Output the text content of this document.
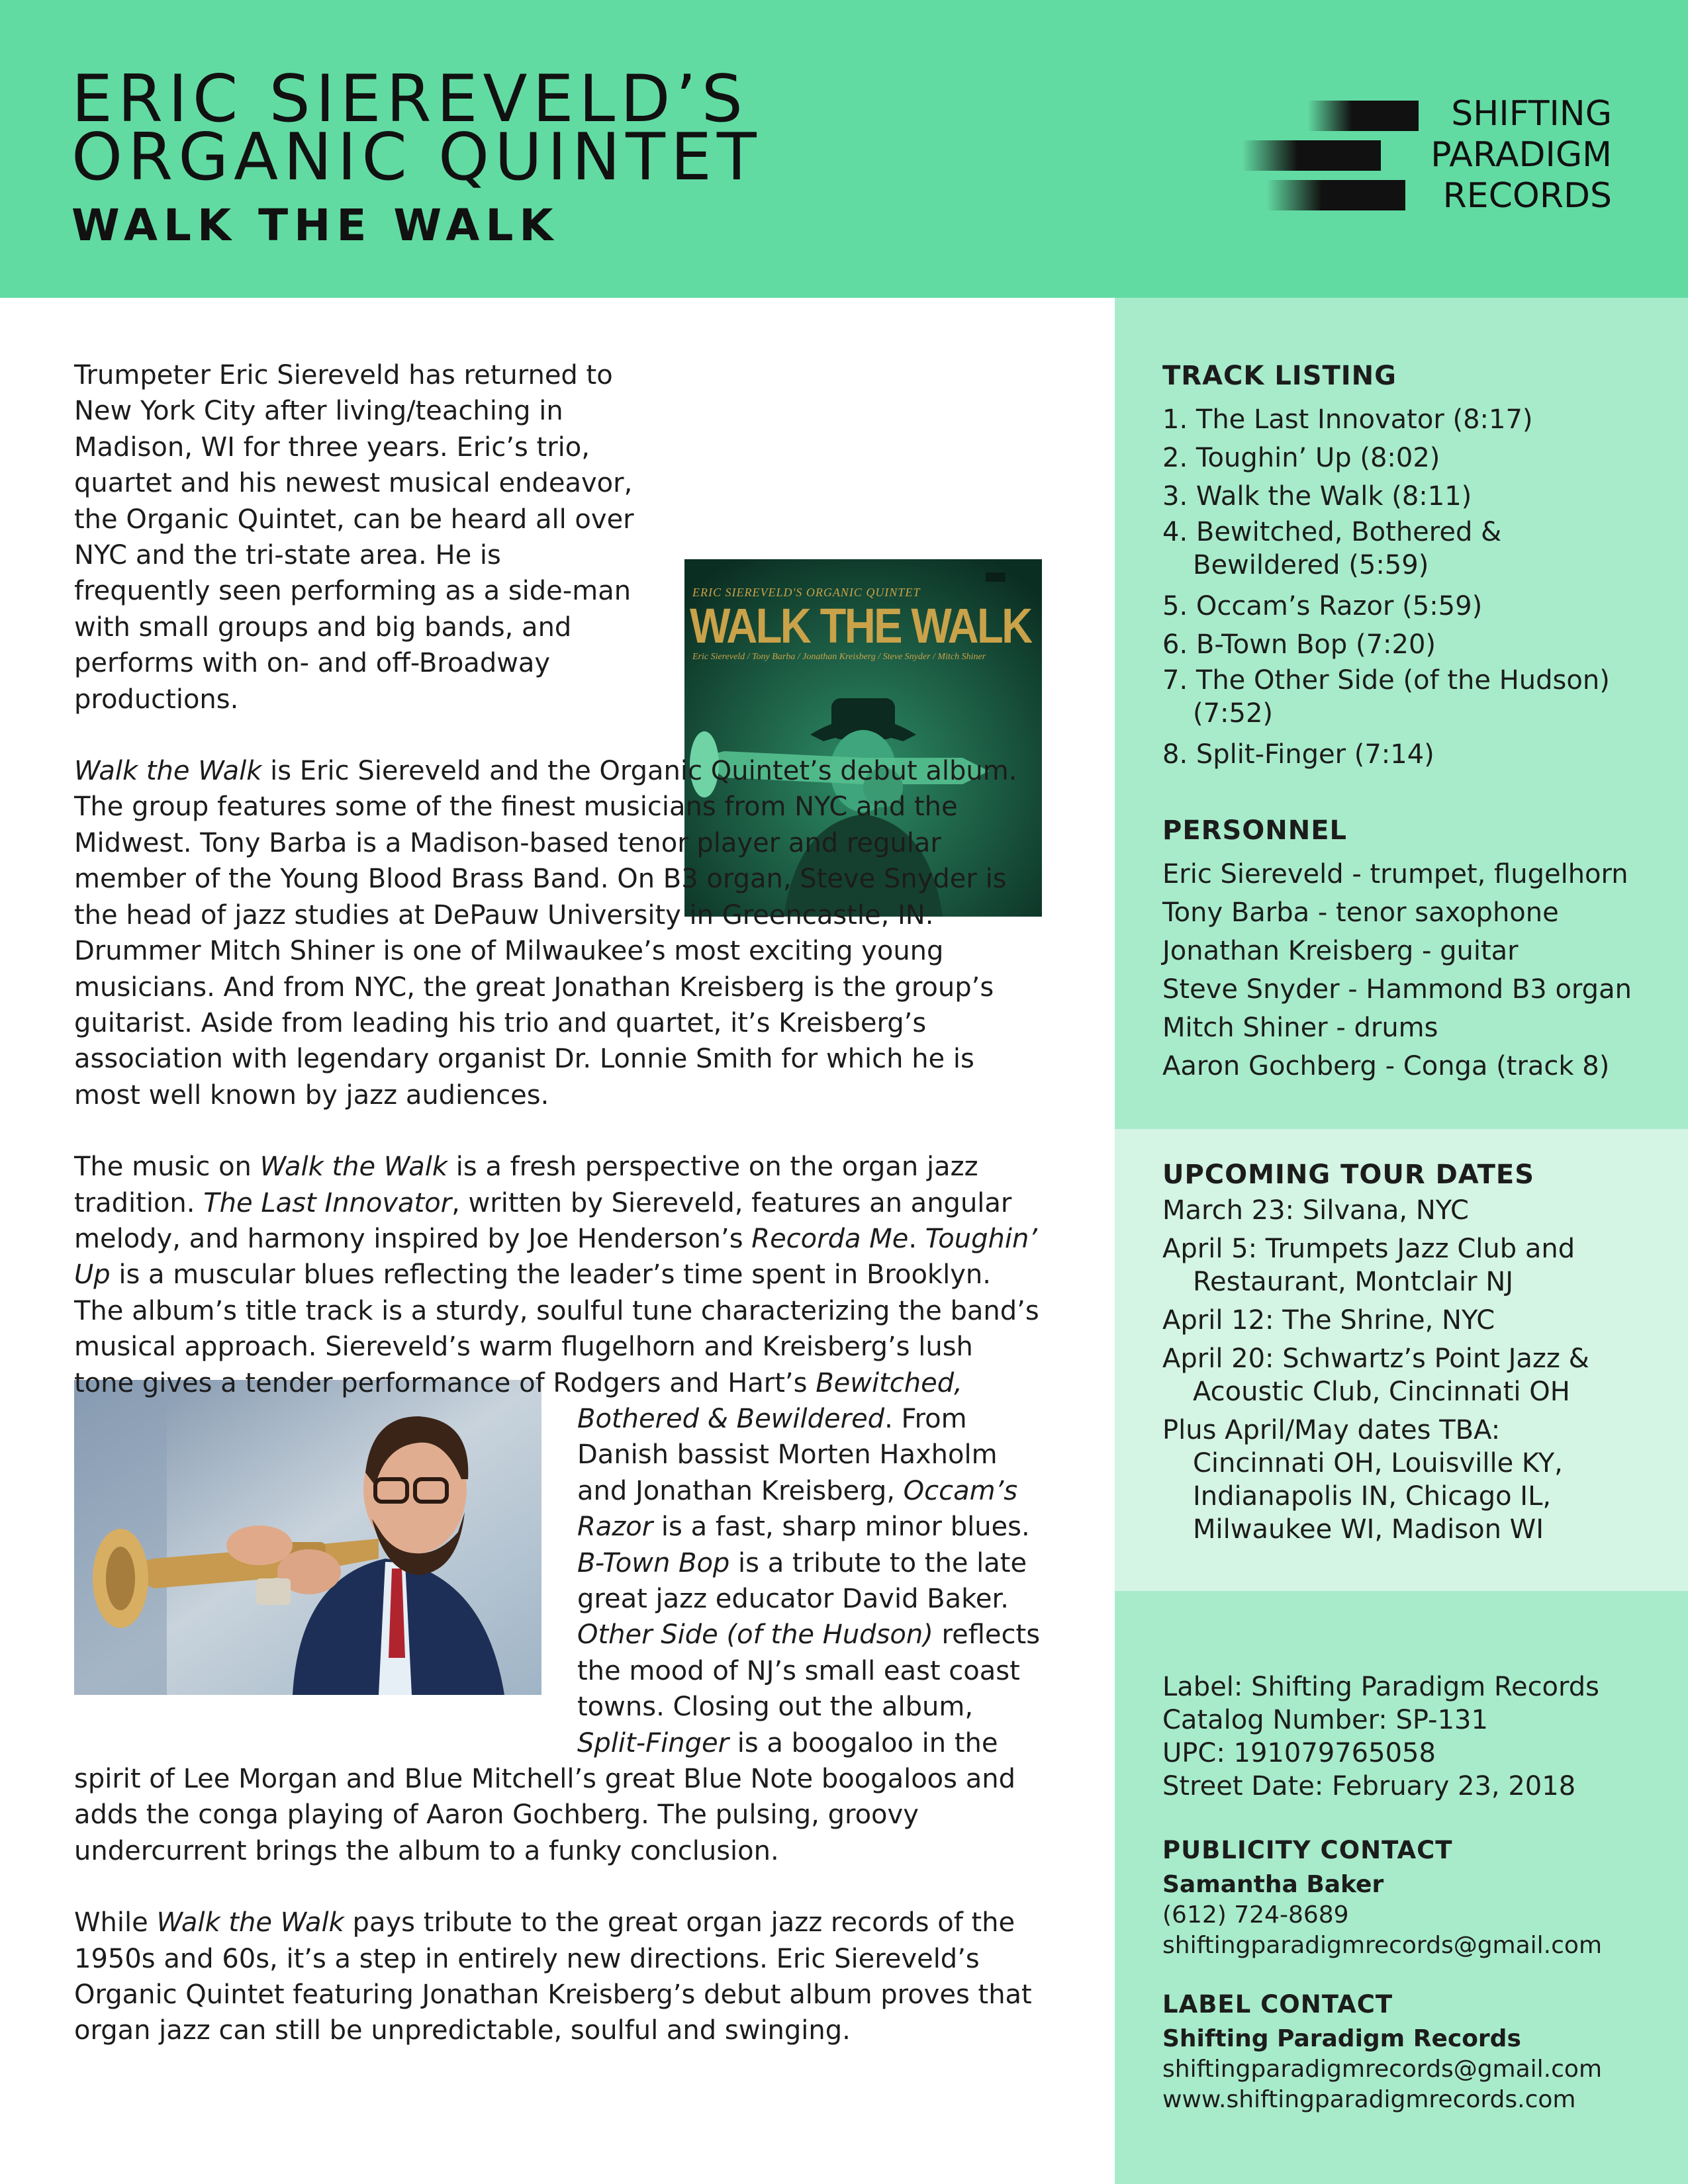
ERIC SIEREVELD’S
ORGANIC QUINTET
WALK THE WALK
SHIFTING
PARADIGM
RECORDS
TRACK LISTING
1. The Last Innovator (8:17)
2. Toughin’ Up (8:02)
3. Walk the Walk (8:11)
4. Bewitched, Bothered & Bewildered (5:59)
5. Occam’s Razor (5:59)
6. B-Town Bop (7:20)
7. The Other Side (of the Hudson) (7:52)
8. Split-Finger (7:14)
PERSONNEL
Eric Siereveld - trumpet, flugelhorn
Tony Barba - tenor saxophone
Jonathan Kreisberg - guitar
Steve Snyder - Hammond B3 organ
Mitch Shiner - drums
Aaron Gochberg - Conga (track 8)
UPCOMING TOUR DATES
March 23: Silvana, NYC
April 5: Trumpets Jazz Club and Restaurant, Montclair NJ
April 12: The Shrine, NYC
April 20: Schwartz’s Point Jazz & Acoustic Club, Cincinnati OH
Plus April/May dates TBA: Cincinnati OH, Louisville KY, Indianapolis IN, Chicago IL, Milwaukee WI, Madison WI
Label: Shifting Paradigm Records
Catalog Number: SP-131
UPC: 191079765058
Street Date: February 23, 2018
PUBLICITY CONTACT
Samantha Baker
(612) 724-8689
shiftingparadigmrecords@gmail.com
LABEL CONTACT
Shifting Paradigm Records
shiftingparadigmrecords@gmail.com
www.shiftingparadigmrecords.com
ERIC SIEREVELD'S ORGANIC QUINTET
WALK THE WALK
Eric Siereveld / Tony Barba / Jonathan Kreisberg / Steve Snyder / Mitch Shiner

Trumpeter Eric Siereveld has returned to New York City after living/teaching in Madison, WI for three years. Eric’s trio, quartet and his newest musical endeavor, the Organic Quintet, can be heard all over NYC and the tri-state area. He is frequently seen performing as a side-man with small groups and big bands, and performs with on- and off-Broadway productions.

Walk the Walk is Eric Siereveld and the Organic Quintet’s debut album. The group features some of the finest musicians from NYC and the Midwest. Tony Barba is a Madison-based tenor player and regular member of the Young Blood Brass Band. On B3 organ, Steve Snyder is the head of jazz studies at DePauw University in Greencastle, IN. Drummer Mitch Shiner is one of Milwaukee’s most exciting young musicians. And from NYC, the great Jonathan Kreisberg is the group’s guitarist. Aside from leading his trio and quartet, it’s Kreisberg’s association with legendary organist Dr. Lonnie Smith for which he is most well known by jazz audiences.

The music on Walk the Walk is a fresh perspective on the organ jazz tradition. The Last Innovator, written by Siereveld, features an angular melody, and harmony inspired by Joe Henderson’s Recorda Me. Toughin’ Up is a muscular blues reflecting the leader’s time spent in Brooklyn. The album’s title track is a sturdy, soulful tune characterizing the band’s musical approach. Siereveld’s warm flugelhorn and Kreisberg’s lush tone gives a tender performance of Rodgers and Hart’s
Bewitched, Bothered & Bewildered. From Danish bassist Morten Haxholm and Jonathan Kreisberg, Occam’s Razor is a fast, sharp minor blues. B-Town Bop is a tribute to the late great jazz educator David Baker. Other Side (of the Hudson) reflects the mood of NJ’s small east coast towns. Closing out the album, Split-Finger is a boogaloo in the spirit of Lee Morgan and Blue Mitchell’s great Blue Note boogaloos and adds the conga playing of Aaron Gochberg. The pulsing, groovy undercurrent brings the album to a funky conclusion.

While Walk the Walk pays tribute to the great organ jazz records of the 1950s and 60s, it’s a step in entirely new directions. Eric Siereveld’s Organic Quintet featuring Jonathan Kreisberg’s debut album proves that organ jazz can still be unpredictable, soulful and swinging.
